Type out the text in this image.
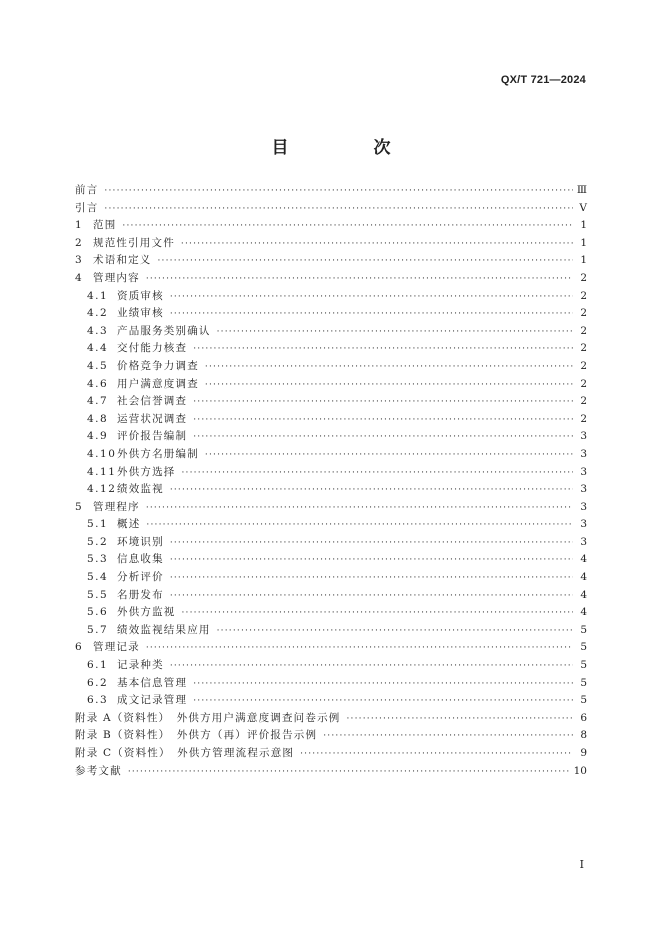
QX/T 721—2024
目　次
前言 ·····	Ⅲ
引言 ·····	Ⅴ
1	范围 ·····	1
2	规范性引用文件 ·····	1
3	术语和定义 ·····	1
4	管理内容 ·····	2
4.1 资质审核 ·····	2
4.2 业绩审核 ·····	2
4.3 产品服务类别确认 ·····	2
4.4 交付能力核查 ·····	2
4.5 价格竞争力调查 ·····	2
4.6 用户满意度调查 ·····	2
4.7 社会信誉调查 ·····	2
4.8 运营状况调查 ·····	2
4.9 评价报告编制 ·····	3
4.10 外供方名册编制 ·····	3
4.11 外供方选择 ·····	3
4.12 绩效监视 ·····	3
5	管理程序 ·····	3
5.1 概述 ·····	3
5.2 环境识别 ·····	3
5.3 信息收集 ·····	4
5.4 分析评价 ·····	4
5.5 名册发布 ·····	4
5.6 外供方监视 ·····	4
5.7 绩效监视结果应用 ·····	5
6	管理记录 ·····	5
6.1 记录种类 ·····	5
6.2 基本信息管理 ·····	5
6.3 成文记录管理 ·····	5
附录 A（资料性）　外供方用户满意度调查问卷示例 ·····	6
附录 B（资料性）　外供方（再）评价报告示例 ·····	8
附录 C（资料性）　外供方管理流程示意图 ·····	9
参考文献 ·····	10
Ⅰ
